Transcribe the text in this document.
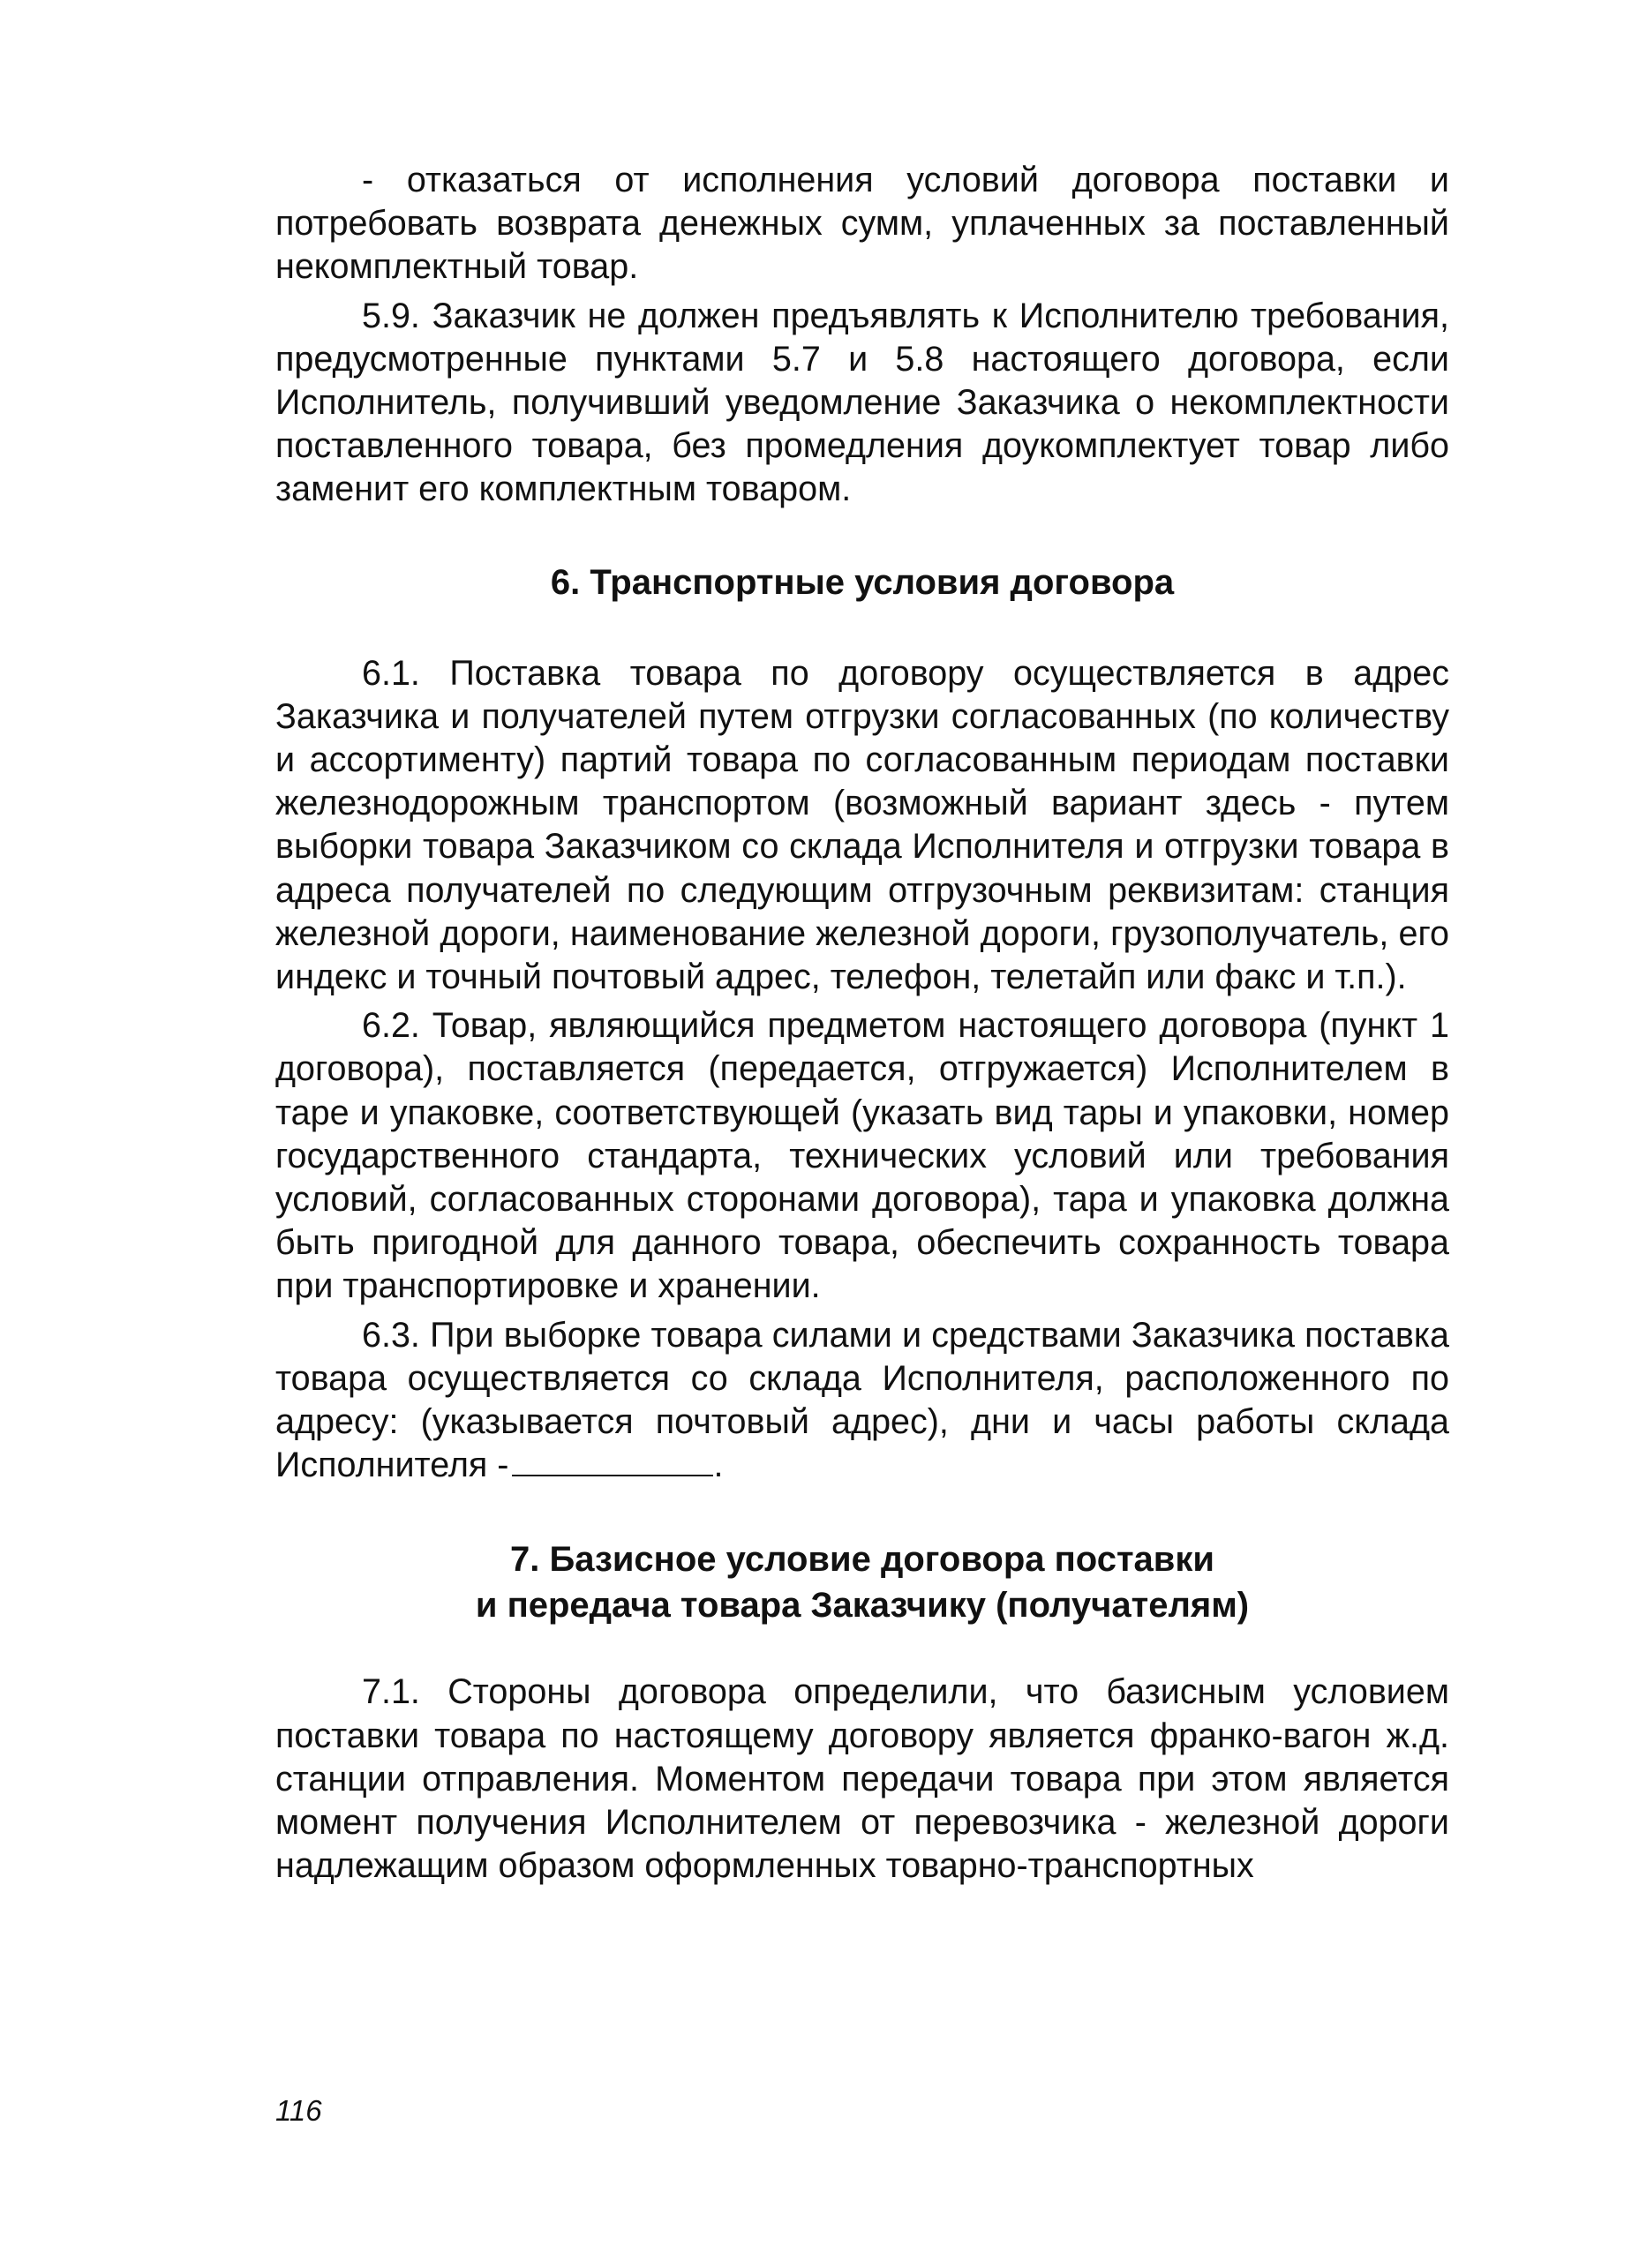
- отказаться от исполнения условий договора поставки и потребовать возврата денежных сумм, уплаченных за поставленный некомплектный товар.

5.9. Заказчик не должен предъявлять к Исполнителю требования, предусмотренные пунктами 5.7 и 5.8 настоящего договора, если Исполнитель, получивший уведомление Заказчика о некомплектности поставленного товара, без промедления доукомплектует товар либо заменит его комплектным товаром.

6. Транспортные условия договора

6.1. Поставка товара по договору осуществляется в адрес Заказчика и получателей путем отгрузки согласованных (по количеству и ассортименту) партий товара по согласованным периодам поставки железнодорожным транспортом (возможный вариант здесь - путем выборки товара Заказчиком со склада Исполнителя и отгрузки товара в адреса получателей по следующим отгрузочным реквизитам: станция железной дороги, наименование железной дороги, грузополучатель, его индекс и точный почтовый адрес, телефон, телетайп или факс и т.п.).

6.2. Товар, являющийся предметом настоящего договора (пункт 1 договора), поставляется (передается, отгружается) Исполнителем в таре и упаковке, соответствующей (указать вид тары и упаковки, номер государственного стандарта, технических условий или требования условий, согласованных сторонами договора), тара и упаковка должна быть пригодной для данного товара, обеспечить сохранность товара при транспортировке и хранении.

6.3. При выборке товара силами и средствами Заказчика поставка товара осуществляется со склада Исполнителя, расположенного по адресу: (указывается почтовый адрес), дни и часы работы склада Исполнителя -	.

7. Базисное условие договора поставки
и передача товара Заказчику (получателям)

7.1. Стороны договора определили, что базисным условием поставки товара по настоящему договору является франко-вагон ж.д. станции отправления. Моментом передачи товара при этом является момент получения Исполнителем от перевозчика - железной дороги надлежащим образом оформленных товарно-транспортных

116
